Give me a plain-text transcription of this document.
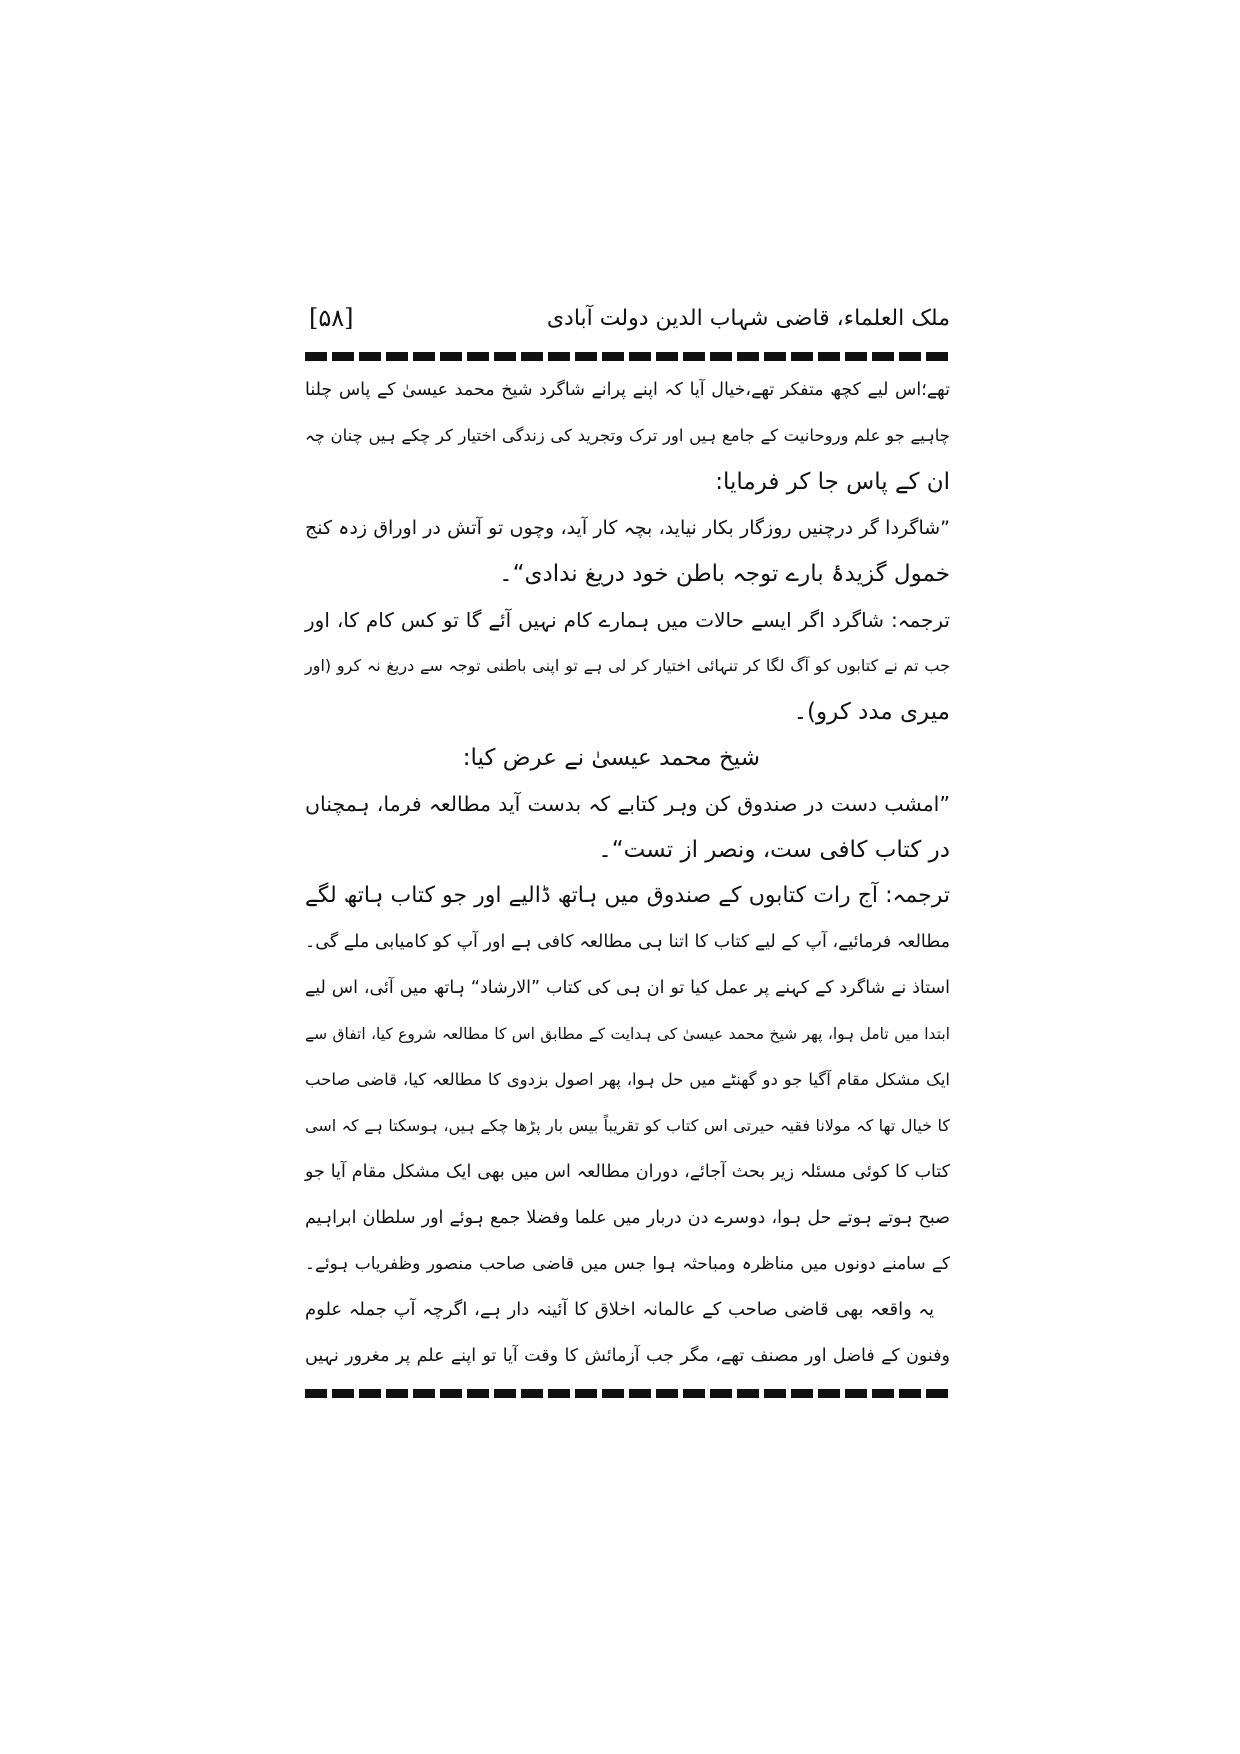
ملک العلماء، قاضی شہاب الدین دولت آبادی
[۵۸]
تھے؛اس لیے کچھ متفکر تھے،خیال آیا کہ اپنے پرانے شاگرد شیخ محمد عیسیٰ کے پاس چلنا
چاہیے جو علم وروحانیت کے جامع ہیں اور ترک وتجرید کی زندگی اختیار کر چکے ہیں چنان چہ
ان کے پاس جا کر فرمایا:
”شاگردا گر درچنیں روزگار بکار نیاید، بچہ کار آید، وچوں تو آتش در اوراق زدہ کنج
خمول گزیدۂ بارے توجہ باطن خود دریغ ندادی“۔
ترجمہ: شاگرد اگر ایسے حالات میں ہمارے کام نہیں آئے گا تو کس کام کا، اور
جب تم نے کتابوں کو آگ لگا کر تنہائی اختیار کر لی ہے تو اپنی باطنی توجہ سے دریغ نہ کرو (اور
میری مدد کرو)۔
شیخ محمد عیسیٰ نے عرض کیا:
”امشب دست در صندوق کن وہر کتابے کہ بدست آید مطالعہ فرما، ہمچناں
در کتاب کافی ست، ونصر از تست“۔
ترجمہ: آج رات کتابوں کے صندوق میں ہاتھ ڈالیے اور جو کتاب ہاتھ لگے
مطالعہ فرمائیے، آپ کے لیے کتاب کا اتنا ہی مطالعہ کافی ہے اور آپ کو کامیابی ملے گی۔
استاذ نے شاگرد کے کہنے پر عمل کیا تو ان ہی کی کتاب ”الارشاد“ ہاتھ میں آئی، اس لیے
ابتدا میں تامل ہوا، پھر شیخ محمد عیسیٰ کی ہدایت کے مطابق اس کا مطالعہ شروع کیا، اتفاق سے
ایک مشکل مقام آگیا جو دو گھنٹے میں حل ہوا، پھر اصول بزدوی کا مطالعہ کیا، قاضی صاحب
کا خیال تھا کہ مولانا فقیہ حیرتی اس کتاب کو تقریباً بیس بار پڑھا چکے ہیں، ہوسکتا ہے کہ اسی
کتاب کا کوئی مسئلہ زیر بحث آجائے، دوران مطالعہ اس میں بھی ایک مشکل مقام آیا جو
صبح ہوتے ہوتے حل ہوا، دوسرے دن دربار میں علما وفضلا جمع ہوئے اور سلطان ابراہیم
کے سامنے دونوں میں مناظرہ ومباحثہ ہوا جس میں قاضی صاحب منصور وظفریاب ہوئے۔
یہ واقعہ بھی قاضی صاحب کے عالمانہ اخلاق کا آئینہ دار ہے، اگرچہ آپ جملہ علوم
وفنون کے فاضل اور مصنف تھے، مگر جب آزمائش کا وقت آیا تو اپنے علم پر مغرور نہیں
